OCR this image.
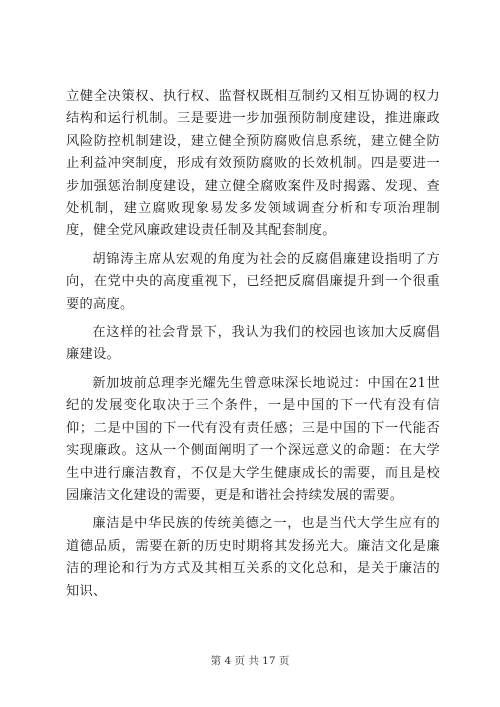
立健全决策权、执行权、监督权既相互制约又相互协调的权力结构和运行机制。三是要进一步加强预防制度建设，推进廉政风险防控机制建设，建立健全预防腐败信息系统，建立健全防止利益冲突制度，形成有效预防腐败的长效机制。四是要进一步加强惩治制度建设，建立健全腐败案件及时揭露、发现、查处机制，建立腐败现象易发多发领域调查分析和专项治理制度，健全党风廉政建设责任制及其配套制度。

胡锦涛主席从宏观的角度为社会的反腐倡廉建设指明了方向，在党中央的高度重视下，已经把反腐倡廉提升到一个很重要的高度。

在这样的社会背景下，我认为我们的校园也该加大反腐倡廉建设。

新加坡前总理李光耀先生曾意味深长地说过：中国在21世纪的发展变化取决于三个条件，一是中国的下一代有没有信仰；二是中国的下一代有没有责任感；三是中国的下一代能否实现廉政。这从一个侧面阐明了一个深远意义的命题：在大学生中进行廉洁教育，不仅是大学生健康成长的需要，而且是校园廉洁文化建设的需要，更是和谐社会持续发展的需要。

廉洁是中华民族的传统美德之一，也是当代大学生应有的道德品质，需要在新的历史时期将其发扬光大。廉洁文化是廉洁的理论和行为方式及其相互关系的文化总和，是关于廉洁的知识、

第 4 页 共 17 页
